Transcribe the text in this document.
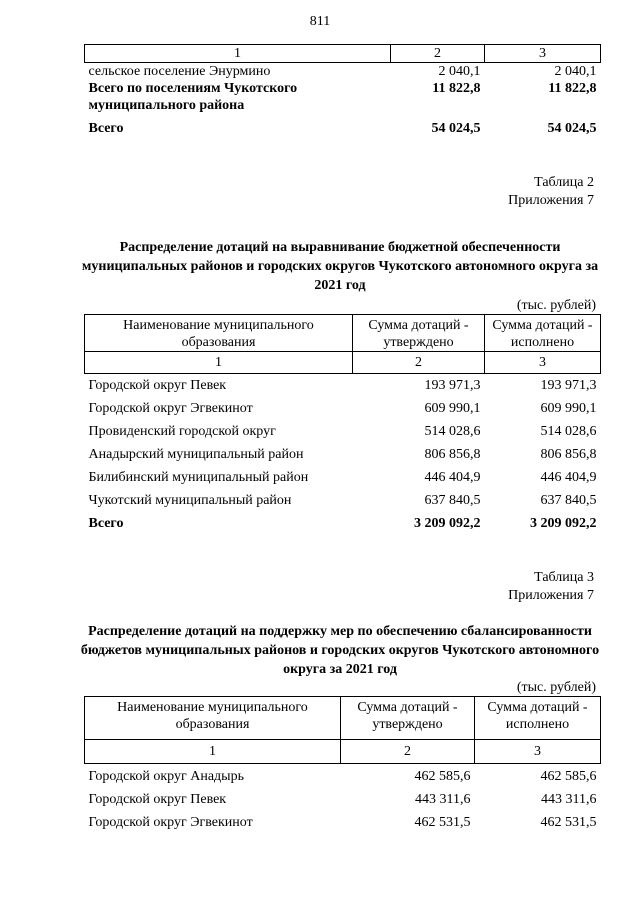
811
1	2	3
сельское поселение Энурмино	2 040,1	2 040,1
Всего по поселениям Чукотского муниципального района	11 822,8	11 822,8
Всего	54 024,5	54 024,5
Таблица 2
Приложения 7
Распределение дотаций на выравнивание бюджетной обеспеченности муниципальных районов и городских округов Чукотского автономного округа за 2021 год
(тыс. рублей)
Наименование муниципального образования	Сумма дотаций - утверждено	Сумма дотаций - исполнено
1	2	3
Городской округ Певек	193 971,3	193 971,3
Городской округ Эгвекинот	609 990,1	609 990,1
Провиденский городской округ	514 028,6	514 028,6
Анадырский муниципальный район	806 856,8	806 856,8
Билибинский муниципальный район	446 404,9	446 404,9
Чукотский муниципальный район	637 840,5	637 840,5
Всего	3 209 092,2	3 209 092,2
Таблица 3
Приложения 7
Распределение дотаций на поддержку мер по обеспечению сбалансированности бюджетов муниципальных районов и городских округов Чукотского автономного округа за 2021 год
(тыс. рублей)
Наименование муниципального образования	Сумма дотаций - утверждено	Сумма дотаций - исполнено
1	2	3
Городской округ Анадырь	462 585,6	462 585,6
Городской округ Певек	443 311,6	443 311,6
Городской округ Эгвекинот	462 531,5	462 531,5
